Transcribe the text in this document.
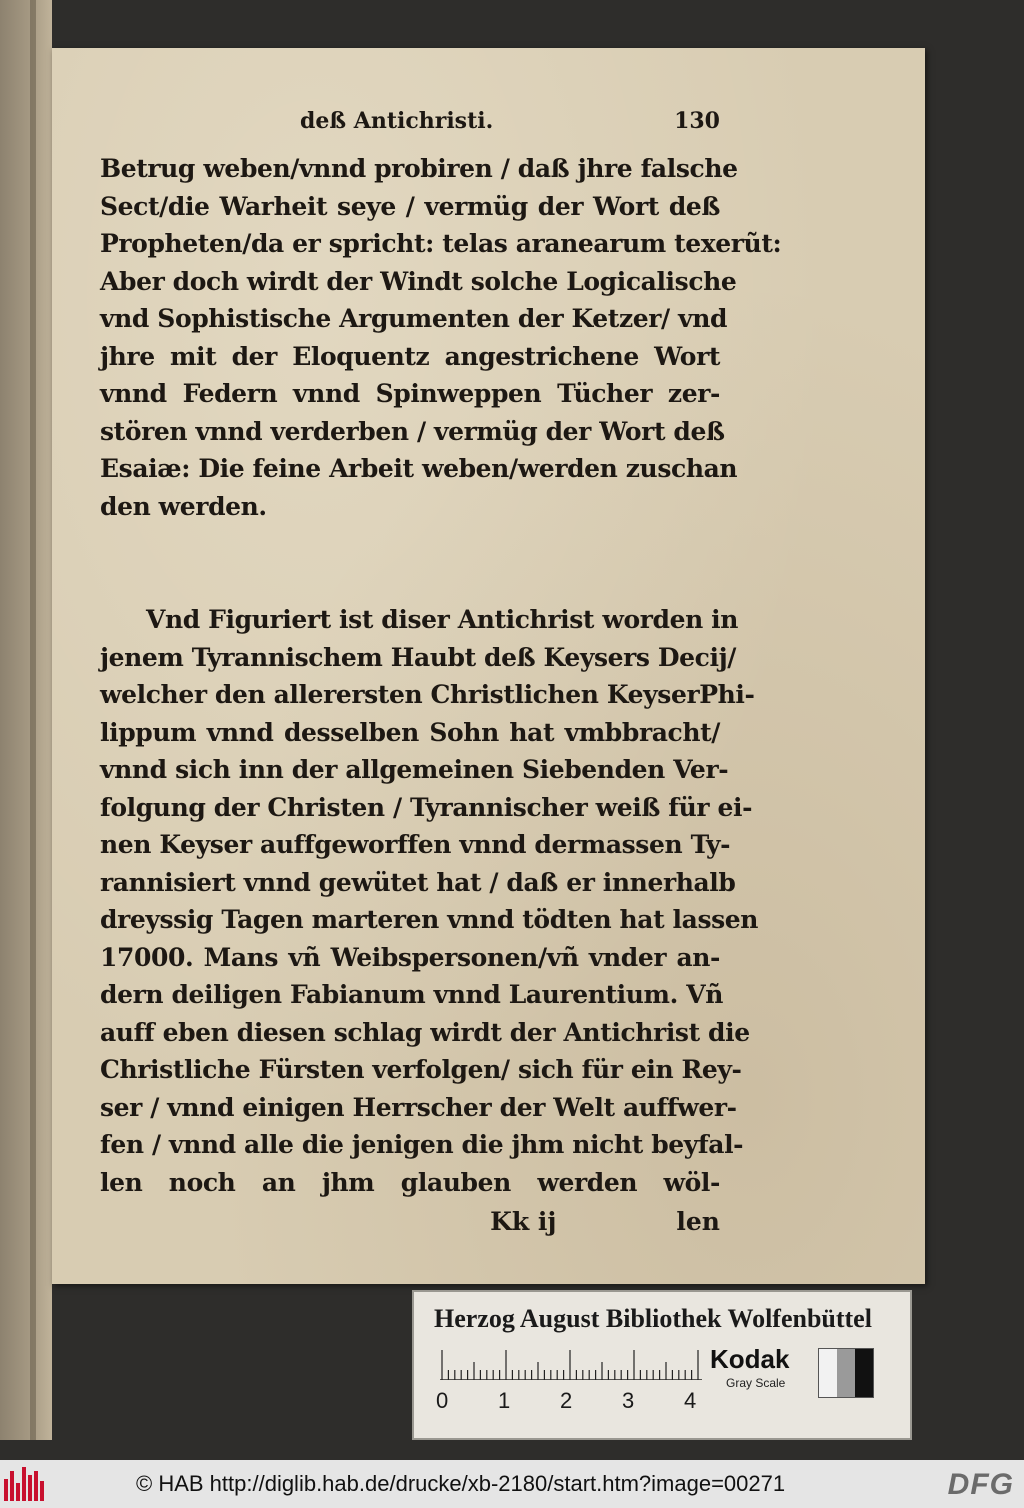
deß Antichristi.	130
Betrug weben/vnnd probiren / daß jhre falsche
Sect/die Warheit seye / vermüg der Wort deß
Propheten/da er spricht: telas aranearum texerũt:
Aber doch wirdt der Windt solche Logicalische
vnd Sophistische Argumenten der Ketzer/ vnd
jhre mit der Eloquentz angestrichene Wort
vnnd Federn vnnd Spinweppen Tücher zer-
stören vnnd verderben / vermüg der Wort deß
Esaiæ: Die feine Arbeit weben/werden zuschan
den werden.
Vnd Figuriert ist diser Antichrist worden in
jenem Tyrannischem Haubt deß Keysers Decij/
welcher den allerersten Christlichen KeyserPhi-
lippum vnnd desselben Sohn hat vmbbracht/
vnnd sich inn der allgemeinen Siebenden Ver-
folgung der Christen / Tyrannischer weiß für ei-
nen Keyser auffgeworffen vnnd dermassen Ty-
rannisiert vnnd gewütet hat / daß er innerhalb
dreyssig Tagen marteren vnnd tödten hat lassen
17000. Mans vñ Weibspersonen/vñ vnder an-
dern deiligen Fabianum vnnd Laurentium. Vñ
auff eben diesen schlag wirdt der Antichrist die
Christliche Fürsten verfolgen/ sich für ein Rey-
ser / vnnd einigen Herrscher der Welt auffwer-
fen / vnnd alle die jenigen die jhm nicht beyfal-
len noch an jhm glauben werden wöl-
Kk ij	len
Herzog August Bibliothek Wolfenbüttel
0 1 2 3 4
Kodak
Gray Scale
© HAB http://diglib.hab.de/drucke/xb-2180/start.htm?image=00271	DFG
